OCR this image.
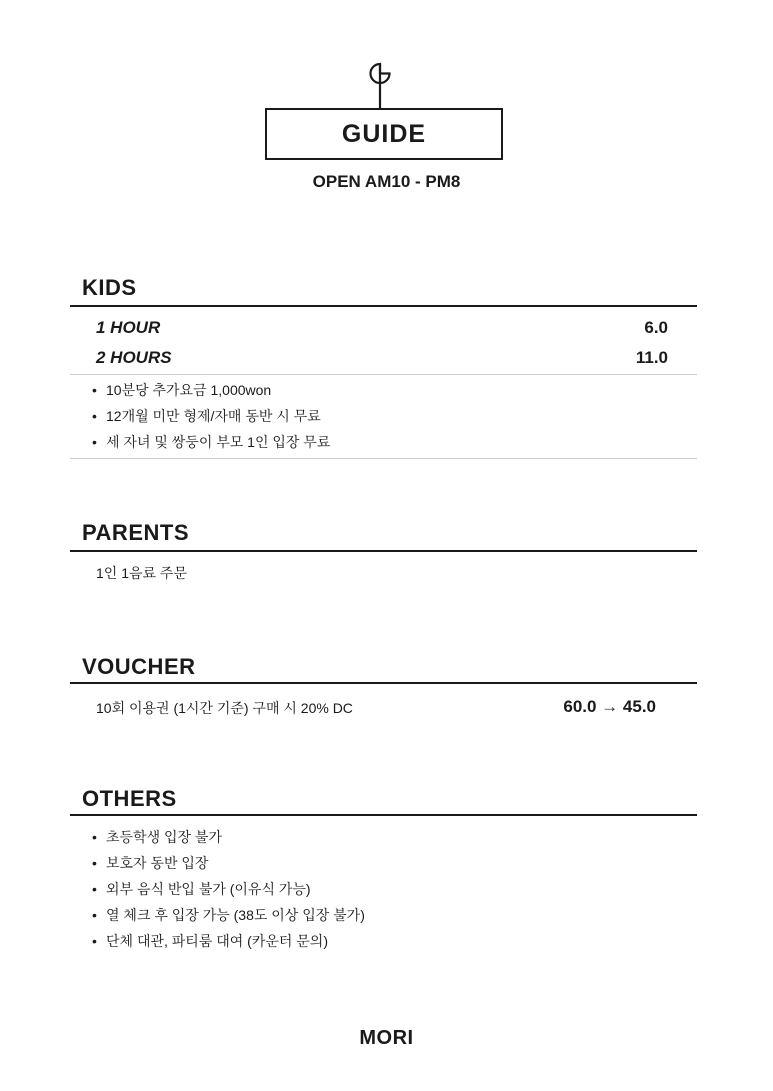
GUIDE
OPEN AM10 - PM8
KIDS
1 HOUR	6.0
2 HOURS	11.0
• 10분당 추가요금 1,000won
• 12개월 미만 형제/자매 동반 시 무료
• 세 자녀 및 쌍둥이 부모 1인 입장 무료
PARENTS
1인 1음료 주문
VOUCHER
10회 이용권 (1시간 기준) 구매 시 20% DC	60.0 → 45.0
OTHERS
• 초등학생 입장 불가
• 보호자 동반 입장
• 외부 음식 반입 불가 (이유식 가능)
• 열 체크 후 입장 가능 (38도 이상 입장 불가)
• 단체 대관, 파티룸 대여 (카운터 문의)
MORI
